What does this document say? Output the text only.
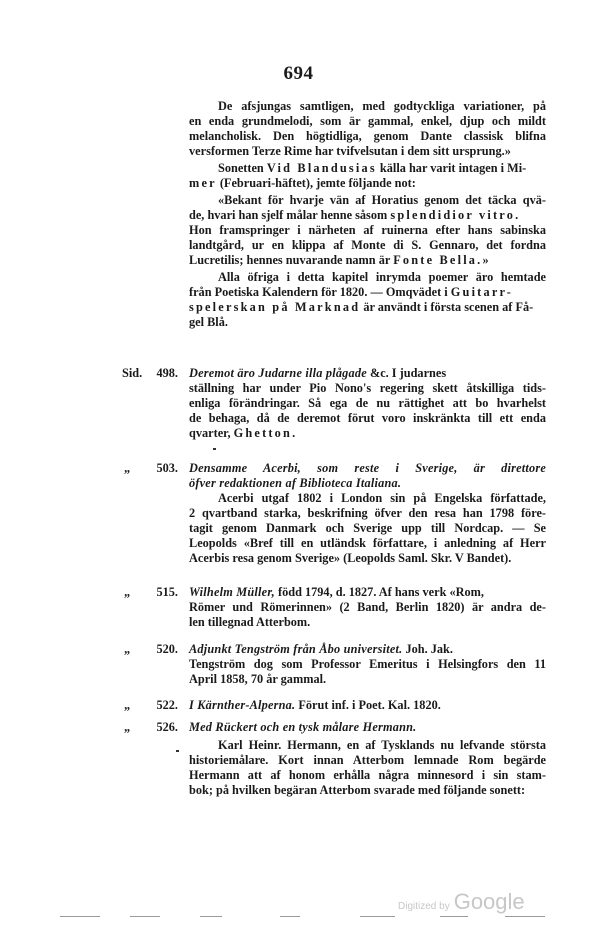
694
De afsjungas samtligen, med godtyckliga variationer, på
en enda grundmelodi, som är gammal, enkel, djup och mildt
melancholisk. Den högtidliga, genom Dante classisk blifna
versformen Terze Rime har tvifvelsutan i dem sitt ursprung.»
Sonetten Vid Blandusias källa har varit intagen i Mi-
mer (Februari-häftet), jemte följande not:
«Bekant för hvarje vän af Horatius genom det täcka qvä-
de, hvari han sjelf målar henne såsom splendidior vitro.
Hon framspringer i närheten af ruinerna efter hans sabinska
landtgård, ur en klippa af Monte di S. Gennaro, det fordna
Lucretilis; hennes nuvarande namn är Fonte Bella.»
Alla öfriga i detta kapitel inrymda poemer äro hemtade
från Poetiska Kalendern för 1820. — Omqvädet i Guitarr-
spelerskan på Marknad är användt i första scenen af Få-
gel Blå.
Sid.	498. Deremot äro Judarne illa plågade &c. I judarnes
ställning har under Pio Nono's regering skett åtskilliga tids-
enliga förändringar. Så ega de nu rättighet att bo hvarhelst
de behaga, då de deremot förut voro inskränkta till ett enda
qvarter, Ghetton.
„	503. Densamme Acerbi, som reste i Sverige, är direttore
öfver redaktionen af Biblioteca Italiana.
Acerbi utgaf 1802 i London sin på Engelska författade,
2 qvartband starka, beskrifning öfver den resa han 1798 före-
tagit genom Danmark och Sverige upp till Nordcap. — Se
Leopolds «Bref till en utländsk författare, i anledning af Herr
Acerbis resa genom Sverige» (Leopolds Saml. Skr. V Bandet).
„	515. Wilhelm Müller, född 1794, d. 1827. Af hans verk «Rom,
Römer und Römerinnen» (2 Band, Berlin 1820) är andra de-
len tillegnad Atterbom.
„	520. Adjunkt Tengström från Åbo universitet. Joh. Jak.
Tengström dog som Professor Emeritus i Helsingfors den 11
April 1858, 70 år gammal.
„	522. I Kärnther-Alperna. Förut inf. i Poet. Kal. 1820.
„	526. Med Rückert och en tysk målare Hermann.
Karl Heinr. Hermann, en af Tysklands nu lefvande största
historiemålare. Kort innan Atterbom lemnade Rom begärde
Hermann att af honom erhålla några minnesord i sin stam-
bok; på hvilken begäran Atterbom svarade med följande sonett:
Digitized by Google
